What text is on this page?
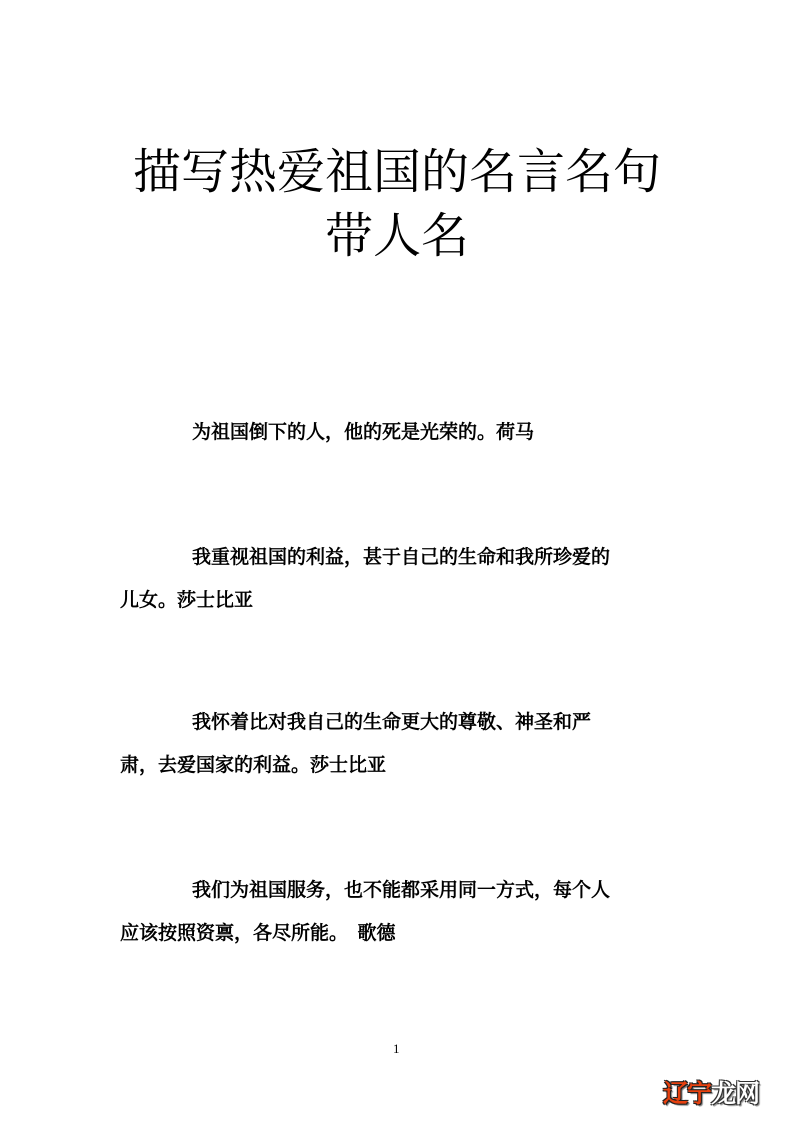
描写热爱祖国的名言名句
带人名
为祖国倒下的人，他的死是光荣的。荷马
我重视祖国的利益，甚于自己的生命和我所珍爱的
儿女。莎士比亚
我怀着比对我自己的生命更大的尊敬、神圣和严
肃，去爱国家的利益。莎士比亚
我们为祖国服务，也不能都采用同一方式，每个人
应该按照资禀，各尽所能。　歌德
1
辽宁龙网
